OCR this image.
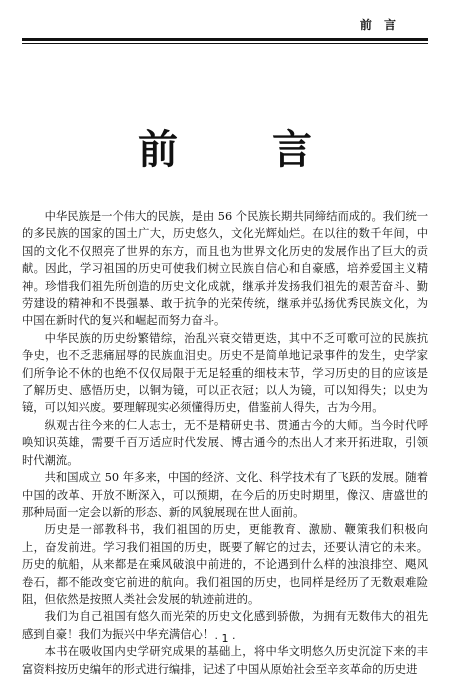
前 言
前 言

中华民族是一个伟大的民族，是由 56 个民族长期共同缔结而成的。我们统一的多民族的国家的国土广大，历史悠久，文化光辉灿烂。在以往的数千年间，中国的文化不仅照亮了世界的东方，而且也为世界文化历史的发展作出了巨大的贡献。因此，学习祖国的历史可使我们树立民族自信心和自豪感，培养爱国主义精神。珍惜我们祖先所创造的历史文化成就，继承并发扬我们祖先的艰苦奋斗、勤劳建设的精神和不畏强暴、敢于抗争的光荣传统，继承并弘扬优秀民族文化，为中国在新时代的复兴和崛起而努力奋斗。

中华民族的历史纷繁错综，治乱兴衰交错更迭，其中不乏可歌可泣的民族抗争史，也不乏悲痛屈辱的民族血泪史。历史不是简单地记录事件的发生，史学家们所争论不休的也绝不仅仅局限于无足轻重的细枝末节，学习历史的目的应该是了解历史、感悟历史，以铜为镜，可以正衣冠；以人为镜，可以知得失；以史为镜，可以知兴废。要理解现实必须懂得历史，借鉴前人得失，古为今用。

纵观古往今来的仁人志士，无不是精研史书、贯通古今的大师。当今时代呼唤知识英雄，需要千百万适应时代发展、博古通今的杰出人才来开拓进取，引领时代潮流。

共和国成立 50 年多来，中国的经济、文化、科学技术有了飞跃的发展。随着中国的改革、开放不断深入，可以预期，在今后的历史时期里，像汉、唐盛世的那种局面一定会以新的形态、新的风貌展现在世人面前。

历史是一部教科书，我们祖国的历史，更能教育、激励、鞭策我们积极向上，奋发前进。学习我们祖国的历史，既要了解它的过去，还要认清它的未来。历史的航船，从来都是在乘风破浪中前进的，不论遇到什么样的浊浪排空、飓风卷石，都不能改变它前进的航向。我们祖国的历史，也同样是经历了无数艰难险阻，但依然是按照人类社会发展的轨迹前进的。

我们为自己祖国有悠久而光荣的历史文化感到骄傲，为拥有无数伟大的祖先感到自豪！我们为振兴中华充满信心！

本书在吸收国内史学研究成果的基础上，将中华文明悠久历史沉淀下来的丰富资料按历史编年的形式进行编排，记述了中国从原始社会至辛亥革命的历史进

· 1 ·
